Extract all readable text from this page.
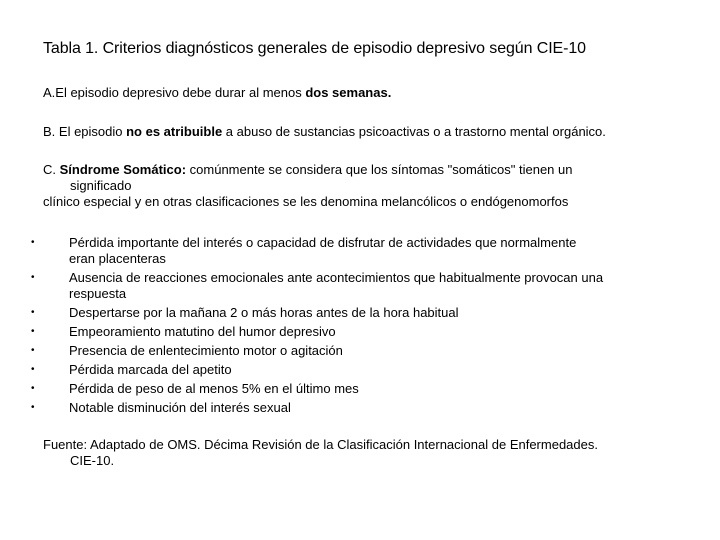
Tabla 1. Criterios diagnósticos generales de episodio depresivo según CIE-10

A.El episodio depresivo debe durar al menos dos semanas.

B. El episodio no es atribuible a abuso de sustancias psicoactivas o a trastorno mental orgánico.

C. Síndrome Somático: comúnmente se considera que los síntomas "somáticos" tienen un
significado
clínico especial y en otras clasificaciones se les denomina melancólicos o endógenomorfos

•	Pérdida importante del interés o capacidad de disfrutar de actividades que normalmente
eran placenteras
•	Ausencia de reacciones emocionales ante acontecimientos que habitualmente provocan una
respuesta
•	Despertarse por la mañana 2 o más horas antes de la hora habitual
•	Empeoramiento matutino del humor depresivo
•	Presencia de enlentecimiento motor o agitación
•	Pérdida marcada del apetito
•	Pérdida de peso de al menos 5% en el último mes
•	Notable disminución del interés sexual

Fuente: Adaptado de OMS. Décima Revisión de la Clasificación Internacional de Enfermedades.
CIE-10.
